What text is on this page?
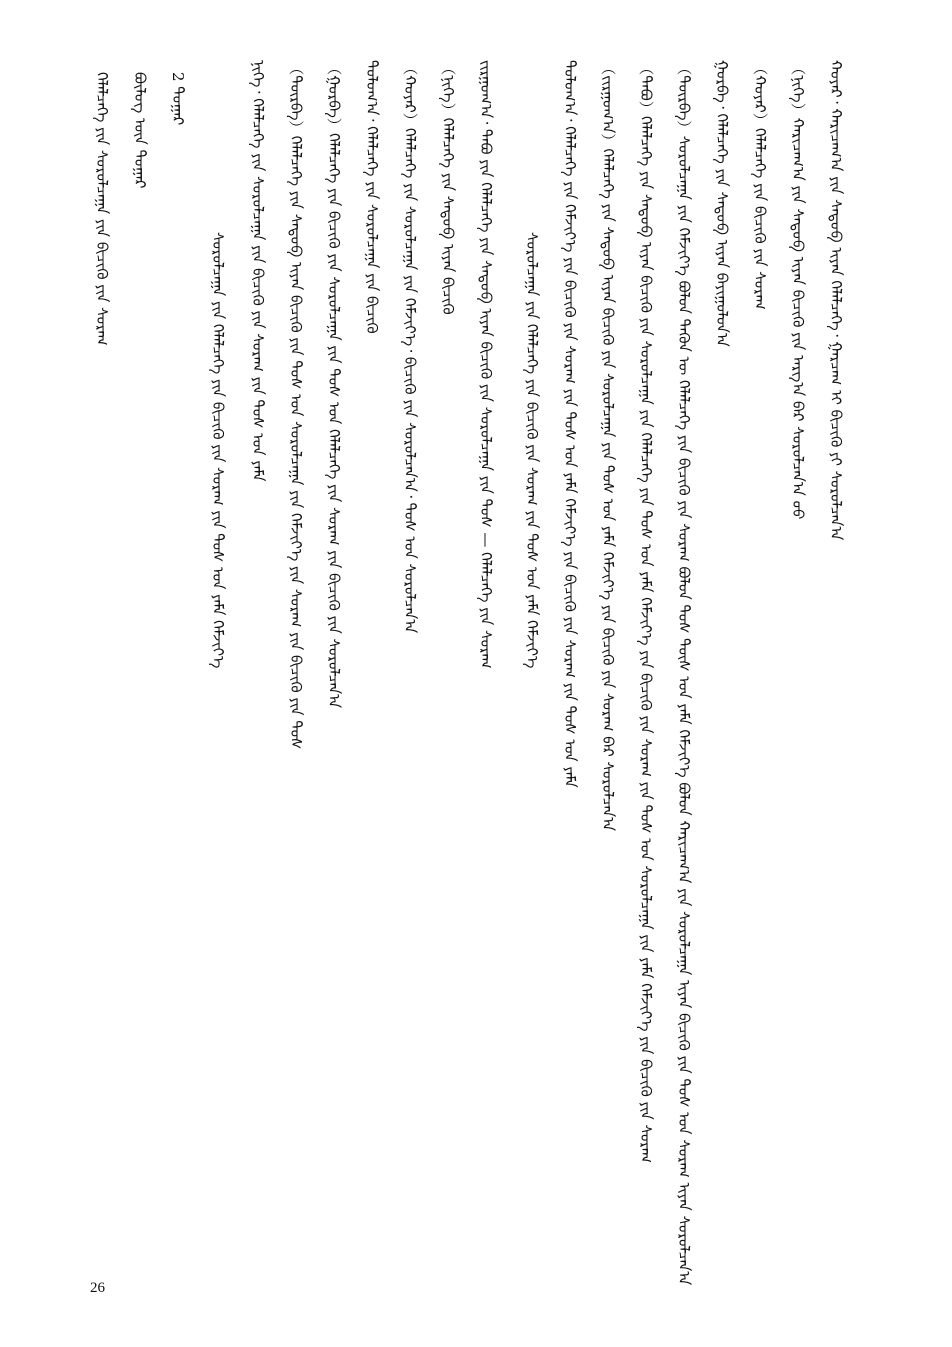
ᠬᠣᠶᠠᠷ᠂ ᠬᠠᠷᠢᠴᠠᠭ᠎ᠠ ᠶᠢᠨ ᠰᠡᠳᠦᠪ ᠢᠶᠡᠨ ᠬᠡᠯᠡᠯᠴᠡᠭᠡ᠂ ᠭᠠᠷᠴᠠᠭ ᠢ ᠪᠢᠴᠢᠬᠦ ᠶᠢ ᠰᠤᠷᠤᠯᠴᠠᠨ᠎ᠠ
（ᠨᠢᠭᠡ）ᠬᠠᠷᠢᠴᠠᠭ᠎ᠠ ᠶᠢᠨ ᠰᠡᠳᠦᠪ ᠢᠶᠡᠨ ᠪᠢᠴᠢᠬᠦ ᠶᠢᠨ ᠠᠷᠭ᠎ᠠ ᠪᠠᠷ ᠰᠤᠷᠤᠯᠴᠠᠨ᠎ᠠ ᠤᠤ
（ᠬᠣᠶᠠᠷ）ᠬᠡᠯᠡᠯᠴᠡᠭᠡ ᠶᠢᠨ ᠪᠢᠴᠢᠬᠦ ᠶᠢᠨ ᠰᠤᠷᠠᠭ
ᠭᠤᠷᠪᠠ᠂ ᠬᠡᠯᠡᠯᠴᠡᠭᠡ ᠶᠢᠨ ᠰᠡᠳᠦᠪ ᠢᠶᠡᠨ ᠪᠠᠶᠢᠭᠤᠯᠤᠨ᠎ᠠ
（ᠳᠥᠷᠪᠡ）ᠰᠤᠷᠤᠯᠴᠠᠭᠠ ᠶᠢᠨ ᠬᠡᠮᠵᠢᠶ᠎ᠡ ᠪᠤᠯᠤᠨ ᠲᠡᠭᠦᠨ ᠦ ᠬᠡᠯᠡᠯᠴᠡᠭᠡ ᠶᠢᠨ ᠪᠢᠴᠢᠬᠦ ᠶᠢᠨ ᠰᠤᠷᠠᠭ ᠪᠣᠯᠤᠨ ᠲᠤᠰ ᠲᠦᠰ ᠤᠨ ᠶᠠᠮᠠ ᠬᠡᠮᠵᠢᠶ᠎ᠡ ᠪᠣᠯᠤᠨ ᠬᠠᠷᠢᠴᠠᠭ᠎ᠠ ᠶᠢᠨ ᠰᠤᠷᠤᠯᠴᠠᠭᠠ ᠢᠶᠡᠨ ᠪᠢᠴᠢᠬᠦ ᠶᠢᠨ ᠲᠤᠰ ᠤᠨ ᠰᠤᠷᠠᠭ ᠢᠶᠡᠨ ᠰᠤᠷᠤᠯᠴᠠᠨ᠎ᠠ
（ᠲᠠᠪᠤ）ᠬᠡᠯᠡᠯᠴᠡᠭᠡ ᠶᠢᠨ ᠰᠡᠳᠦᠪ ᠢᠶᠡᠨ ᠪᠢᠴᠢᠬᠦ ᠶᠢᠨ ᠰᠤᠷᠤᠯᠴᠠᠭᠠ ᠶᠢᠨ ᠬᠡᠯᠡᠯᠴᠡᠭᠡ ᠶᠢᠨ ᠲᠤᠰ ᠤᠨ ᠶᠠᠮᠠ ᠬᠡᠮᠵᠢᠶ᠎ᠡ ᠶᠢᠨ ᠪᠢᠴᠢᠬᠦ ᠶᠢᠨ ᠰᠤᠷᠠᠭ ᠶᠢᠨ ᠲᠤᠰ ᠤᠨ ᠰᠤᠷᠤᠯᠴᠠᠭᠠ ᠶᠢᠨ ᠶᠠᠮᠠ ᠬᠡᠮᠵᠢᠶ᠎ᠡ ᠶᠢᠨ ᠪᠢᠴᠢᠬᠦ ᠶᠢᠨ ᠰᠤᠷᠠᠭ
（ᠵᠢᠷᠭᠤᠭ᠎ᠠ）ᠬᠡᠯᠡᠯᠴᠡᠭᠡ ᠶᠢᠨ ᠰᠡᠳᠦᠪ ᠢᠶᠡᠨ ᠪᠢᠴᠢᠬᠦ ᠶᠢᠨ ᠰᠤᠷᠤᠯᠴᠠᠭᠠ ᠶᠢᠨ ᠲᠤᠰ ᠤᠨ ᠶᠠᠮᠠ ᠬᠡᠮᠵᠢᠶ᠎ᠡ ᠶᠢᠨ ᠪᠢᠴᠢᠬᠦ ᠶᠢᠨ ᠰᠤᠷᠠᠭ ᠪᠠᠷ ᠰᠤᠷᠤᠯᠴᠠᠨ᠎ᠠ
ᠳᠣᠯᠣᠭ᠎ᠠ᠂ ᠬᠡᠯᠡᠯᠴᠡᠭᠡ ᠶᠢᠨ ᠬᠡᠮᠵᠢᠶ᠎ᠡ ᠶᠢᠨ ᠪᠢᠴᠢᠬᠦ ᠶᠢᠨ ᠰᠤᠷᠠᠭ ᠶᠢᠨ ᠲᠤᠰ ᠤᠨ ᠶᠠᠮᠠ ᠬᠡᠮᠵᠢᠶ᠎ᠡ ᠶᠢᠨ ᠪᠢᠴᠢᠬᠦ ᠶᠢᠨ ᠰᠤᠷᠠᠭ ᠶᠢᠨ ᠲᠤᠰ ᠤᠨ ᠶᠠᠮᠠ
ᠰᠤᠷᠤᠯᠴᠠᠭᠠ ᠶᠢᠨ ᠬᠡᠯᠡᠯᠴᠡᠭᠡ ᠶᠢᠨ ᠪᠢᠴᠢᠬᠦ ᠶᠢᠨ ᠰᠤᠷᠠᠭ ᠶᠢᠨ ᠲᠤᠰ ᠤᠨ ᠶᠠᠮᠠ ᠬᠡᠮᠵᠢᠶ᠎ᠡ
ᠵᠢᠷᠭᠤᠭ᠎ᠠ᠂ ᠲᠠᠪᠤ ᠶᠢᠨ ᠬᠡᠯᠡᠯᠴᠡᠭᠡ ᠶᠢᠨ ᠰᠡᠳᠦᠪ ᠢᠶᠡᠨ ᠪᠢᠴᠢᠬᠦ ᠶᠢᠨ ᠰᠤᠷᠤᠯᠴᠠᠭᠠ ᠶᠢᠨ ᠲᠤᠰ — ᠬᠡᠯᠡᠯᠴᠡᠭᠡ ᠶᠢᠨ ᠰᠤᠷᠠᠭ
（ᠨᠢᠭᠡ）ᠬᠡᠯᠡᠯᠴᠡᠭᠡ ᠶᠢᠨ ᠰᠡᠳᠦᠪ ᠢᠶᠡᠨ ᠪᠢᠴᠢᠬᠦ
（ᠬᠣᠶᠠᠷ）ᠬᠡᠯᠡᠯᠴᠡᠭᠡ ᠶᠢᠨ ᠰᠤᠷᠤᠯᠴᠠᠭᠠ ᠶᠢᠨ ᠬᠡᠮᠵᠢᠶ᠎ᠡ᠂ ᠪᠢᠴᠢᠬᠦ ᠶᠢᠨ ᠰᠤᠷᠤᠯᠴᠠᠨ᠎ᠠ᠂ ᠲᠤᠰ ᠤᠨ ᠰᠤᠷᠤᠯᠴᠠᠨ᠎ᠠ
ᠳᠣᠯᠣᠭ᠎ᠠ᠂ ᠬᠡᠯᠡᠯᠴᠡᠭᠡ ᠶᠢᠨ ᠰᠤᠷᠤᠯᠴᠠᠭᠠ ᠶᠢᠨ ᠪᠢᠴᠢᠬᠦ
（ᠭᠤᠷᠪᠠ）ᠬᠡᠯᠡᠯᠴᠡᠭᠡ ᠶᠢᠨ ᠪᠢᠴᠢᠬᠦ ᠶᠢᠨ ᠰᠤᠷᠤᠯᠴᠠᠭᠠ ᠶᠢᠨ ᠲᠤᠰ ᠤᠨ ᠬᠡᠯᠡᠯᠴᠡᠭᠡ ᠶᠢᠨ ᠰᠤᠷᠠᠭ ᠶᠢᠨ ᠪᠢᠴᠢᠬᠦ ᠶᠢᠨ ᠰᠤᠷᠤᠯᠴᠠᠨ᠎ᠠ
（ᠳᠥᠷᠪᠡ）ᠬᠡᠯᠡᠯᠴᠡᠭᠡ ᠶᠢᠨ ᠰᠡᠳᠦᠪ ᠢᠶᠡᠨ ᠪᠢᠴᠢᠬᠦ ᠶᠢᠨ ᠲᠤᠰ ᠤᠨ ᠰᠤᠷᠤᠯᠴᠠᠭᠠ ᠶᠢᠨ ᠬᠡᠮᠵᠢᠶ᠎ᠡ ᠶᠢᠨ ᠰᠤᠷᠠᠭ ᠶᠢᠨ ᠪᠢᠴᠢᠬᠦ ᠶᠢᠨ ᠲᠤᠰ
ᠨᠢᠭᠡ᠂ ᠬᠡᠯᠡᠯᠴᠡᠭᠡ ᠶᠢᠨ ᠰᠤᠷᠤᠯᠴᠠᠭᠠ ᠶᠢᠨ ᠪᠢᠴᠢᠬᠦ ᠶᠢᠨ ᠰᠤᠷᠠᠭ ᠶᠢᠨ ᠲᠤᠰ ᠤᠨ ᠶᠠᠮᠠ
ᠰᠤᠷᠤᠯᠴᠠᠭᠠ ᠶᠢᠨ ᠬᠡᠯᠡᠯᠴᠡᠭᠡ ᠶᠢᠨ ᠪᠢᠴᠢᠬᠦ ᠶᠢᠨ ᠰᠤᠷᠠᠭ ᠶᠢᠨ ᠲᠤᠰ ᠤᠨ ᠶᠠᠮᠠ ᠬᠡᠮᠵᠢᠶ᠎ᠡ
2 ᠳᠤᠭᠠᠷ
ᠪᠦᠯᠦᠭ ᠦᠨ ᠳᠤᠭᠠᠷ
ᠬᠡᠯᠡᠯᠴᠡᠭᠡ ᠶᠢᠨ ᠰᠤᠷᠤᠯᠴᠠᠭᠠ ᠶᠢᠨ ᠪᠢᠴᠢᠬᠦ ᠶᠢᠨ ᠰᠤᠷᠠᠭ
26
